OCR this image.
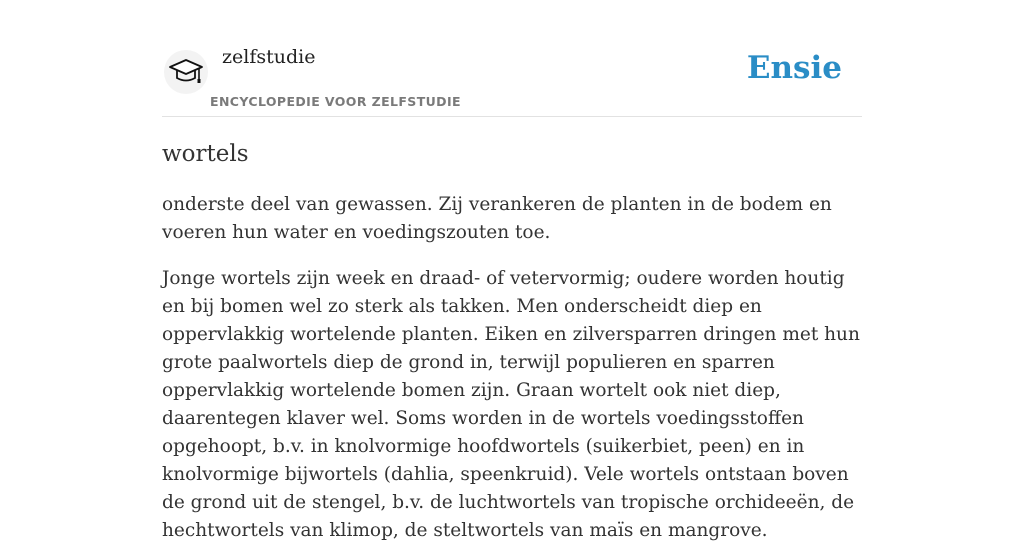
zelfstudie
ENCYCLOPEDIE VOOR ZELFSTUDIE
Ensie
wortels

onderste deel van gewassen. Zij verankeren de planten in de bodem en voeren hun water en voedingszouten toe.

Jonge wortels zijn week en draad- of vetervormig; oudere worden houtig en bij bomen wel zo sterk als takken. Men onderscheidt diep en oppervlakkig wortelende planten. Eiken en zilversparren dringen met hun grote paalwortels diep de grond in, terwijl populieren en sparren oppervlakkig wortelende bomen zijn. Graan wortelt ook niet diep, daarentegen klaver wel. Soms worden in de wortels voedingsstoffen opgehoopt, b.v. in knolvormige hoofdwortels (suikerbiet, peen) en in knolvormige bijwortels (dahlia, speenkruid). Vele wortels ontstaan boven de grond uit de stengel, b.v. de luchtwortels van tropische orchideeën, de hechtwortels van klimop, de steltwortels van maïs en mangrove.
